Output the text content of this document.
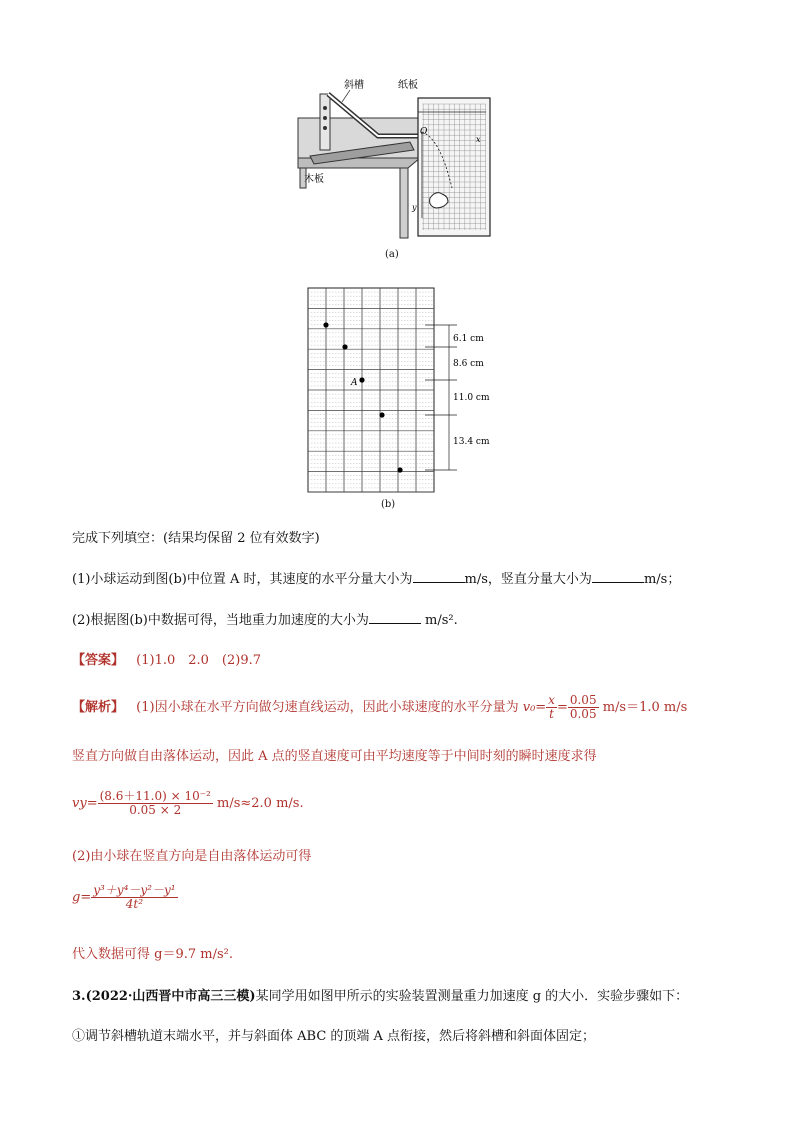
斜槽	纸板
木板
O
x
y
(a)
A
6.1 cm
8.6 cm
11.0 cm
13.4 cm
(b)
完成下列填空：(结果均保留 2 位有效数字)
(1)小球运动到图(b)中位置 A 时，其速度的水平分量大小为	m/s，竖直分量大小为	m/s；
(2)根据图(b)中数据可得，当地重力加速度的大小为	m/s².
【答案】 (1)1.0　2.0　(2)9.7
【解析】 (1)因小球在水平方向做匀速直线运动，因此小球速度的水平分量为 $v_0= \frac{x}{t} = \frac{0.05}{0.05} m/s=1.0$ m/s
竖直方向做自由落体运动，因此 A 点的竖直速度可由平均速度等于中间时刻的瞬时速度求得
$vy= \frac{\text{(8.6＋11.0) × 10⁻²}}{0.05 \times 2} m/s\approx 2.0$ m/s.
(2)由小球在竖直方向是自由落体运动可得
$g= \frac{\text{y³＋y⁴－y²－y¹}}{\text{4t²}}$
代入数据可得 g＝9.7 m/s².
3.(2022·山西晋中市高三三模)某同学用如图甲所示的实验装置测量重力加速度 g 的大小．实验步骤如下：
①调节斜槽轨道末端水平，并与斜面体 ABC 的顶端 A 点衔接，然后将斜槽和斜面体固定；
